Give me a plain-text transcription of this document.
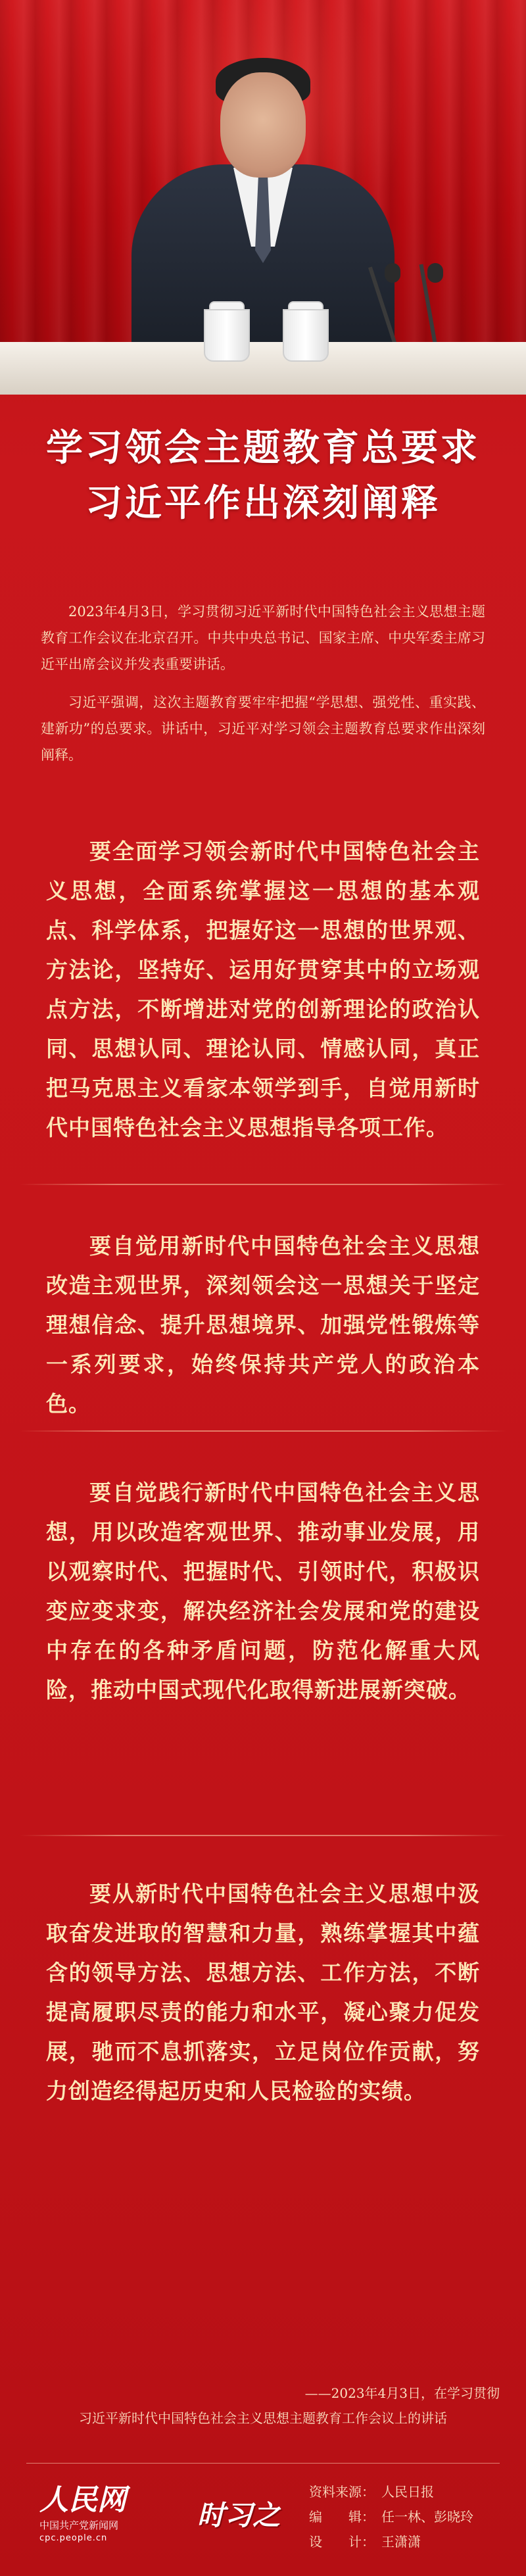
学习领会主题教育总要求
习近平作出深刻阐释

2023年4月3日，学习贯彻习近平新时代中国特色社会主义思想主题教育工作会议在北京召开。中共中央总书记、国家主席、中央军委主席习近平出席会议并发表重要讲话。

习近平强调，这次主题教育要牢牢把握“学思想、强党性、重实践、建新功”的总要求。讲话中，习近平对学习领会主题教育总要求作出深刻阐释。

要全面学习领会新时代中国特色社会主义思想，全面系统掌握这一思想的基本观点、科学体系，把握好这一思想的世界观、方法论，坚持好、运用好贯穿其中的立场观点方法，不断增进对党的创新理论的政治认同、思想认同、理论认同、情感认同，真正把马克思主义看家本领学到手，自觉用新时代中国特色社会主义思想指导各项工作。
要自觉用新时代中国特色社会主义思想改造主观世界，深刻领会这一思想关于坚定理想信念、提升思想境界、加强党性锻炼等一系列要求，始终保持共产党人的政治本色。
要自觉践行新时代中国特色社会主义思想，用以改造客观世界、推动事业发展，用以观察时代、把握时代、引领时代，积极识变应变求变，解决经济社会发展和党的建设中存在的各种矛盾问题，防范化解重大风险，推动中国式现代化取得新进展新突破。
要从新时代中国特色社会主义思想中汲取奋发进取的智慧和力量，熟练掌握其中蕴含的领导方法、思想方法、工作方法，不断提高履职尽责的能力和水平，凝心聚力促发展，驰而不息抓落实，立足岗位作贡献，努力创造经得起历史和人民检验的实绩。
——2023年4月3日，在学习贯彻
习近平新时代中国特色社会主义思想主题教育工作会议上的讲话
人民网
中国共产党新闻网
cpc.people.cn
时习之
资料来源： 人民日报
编　　辑： 任一林、彭晓玲
设　　计： 王潇潇
